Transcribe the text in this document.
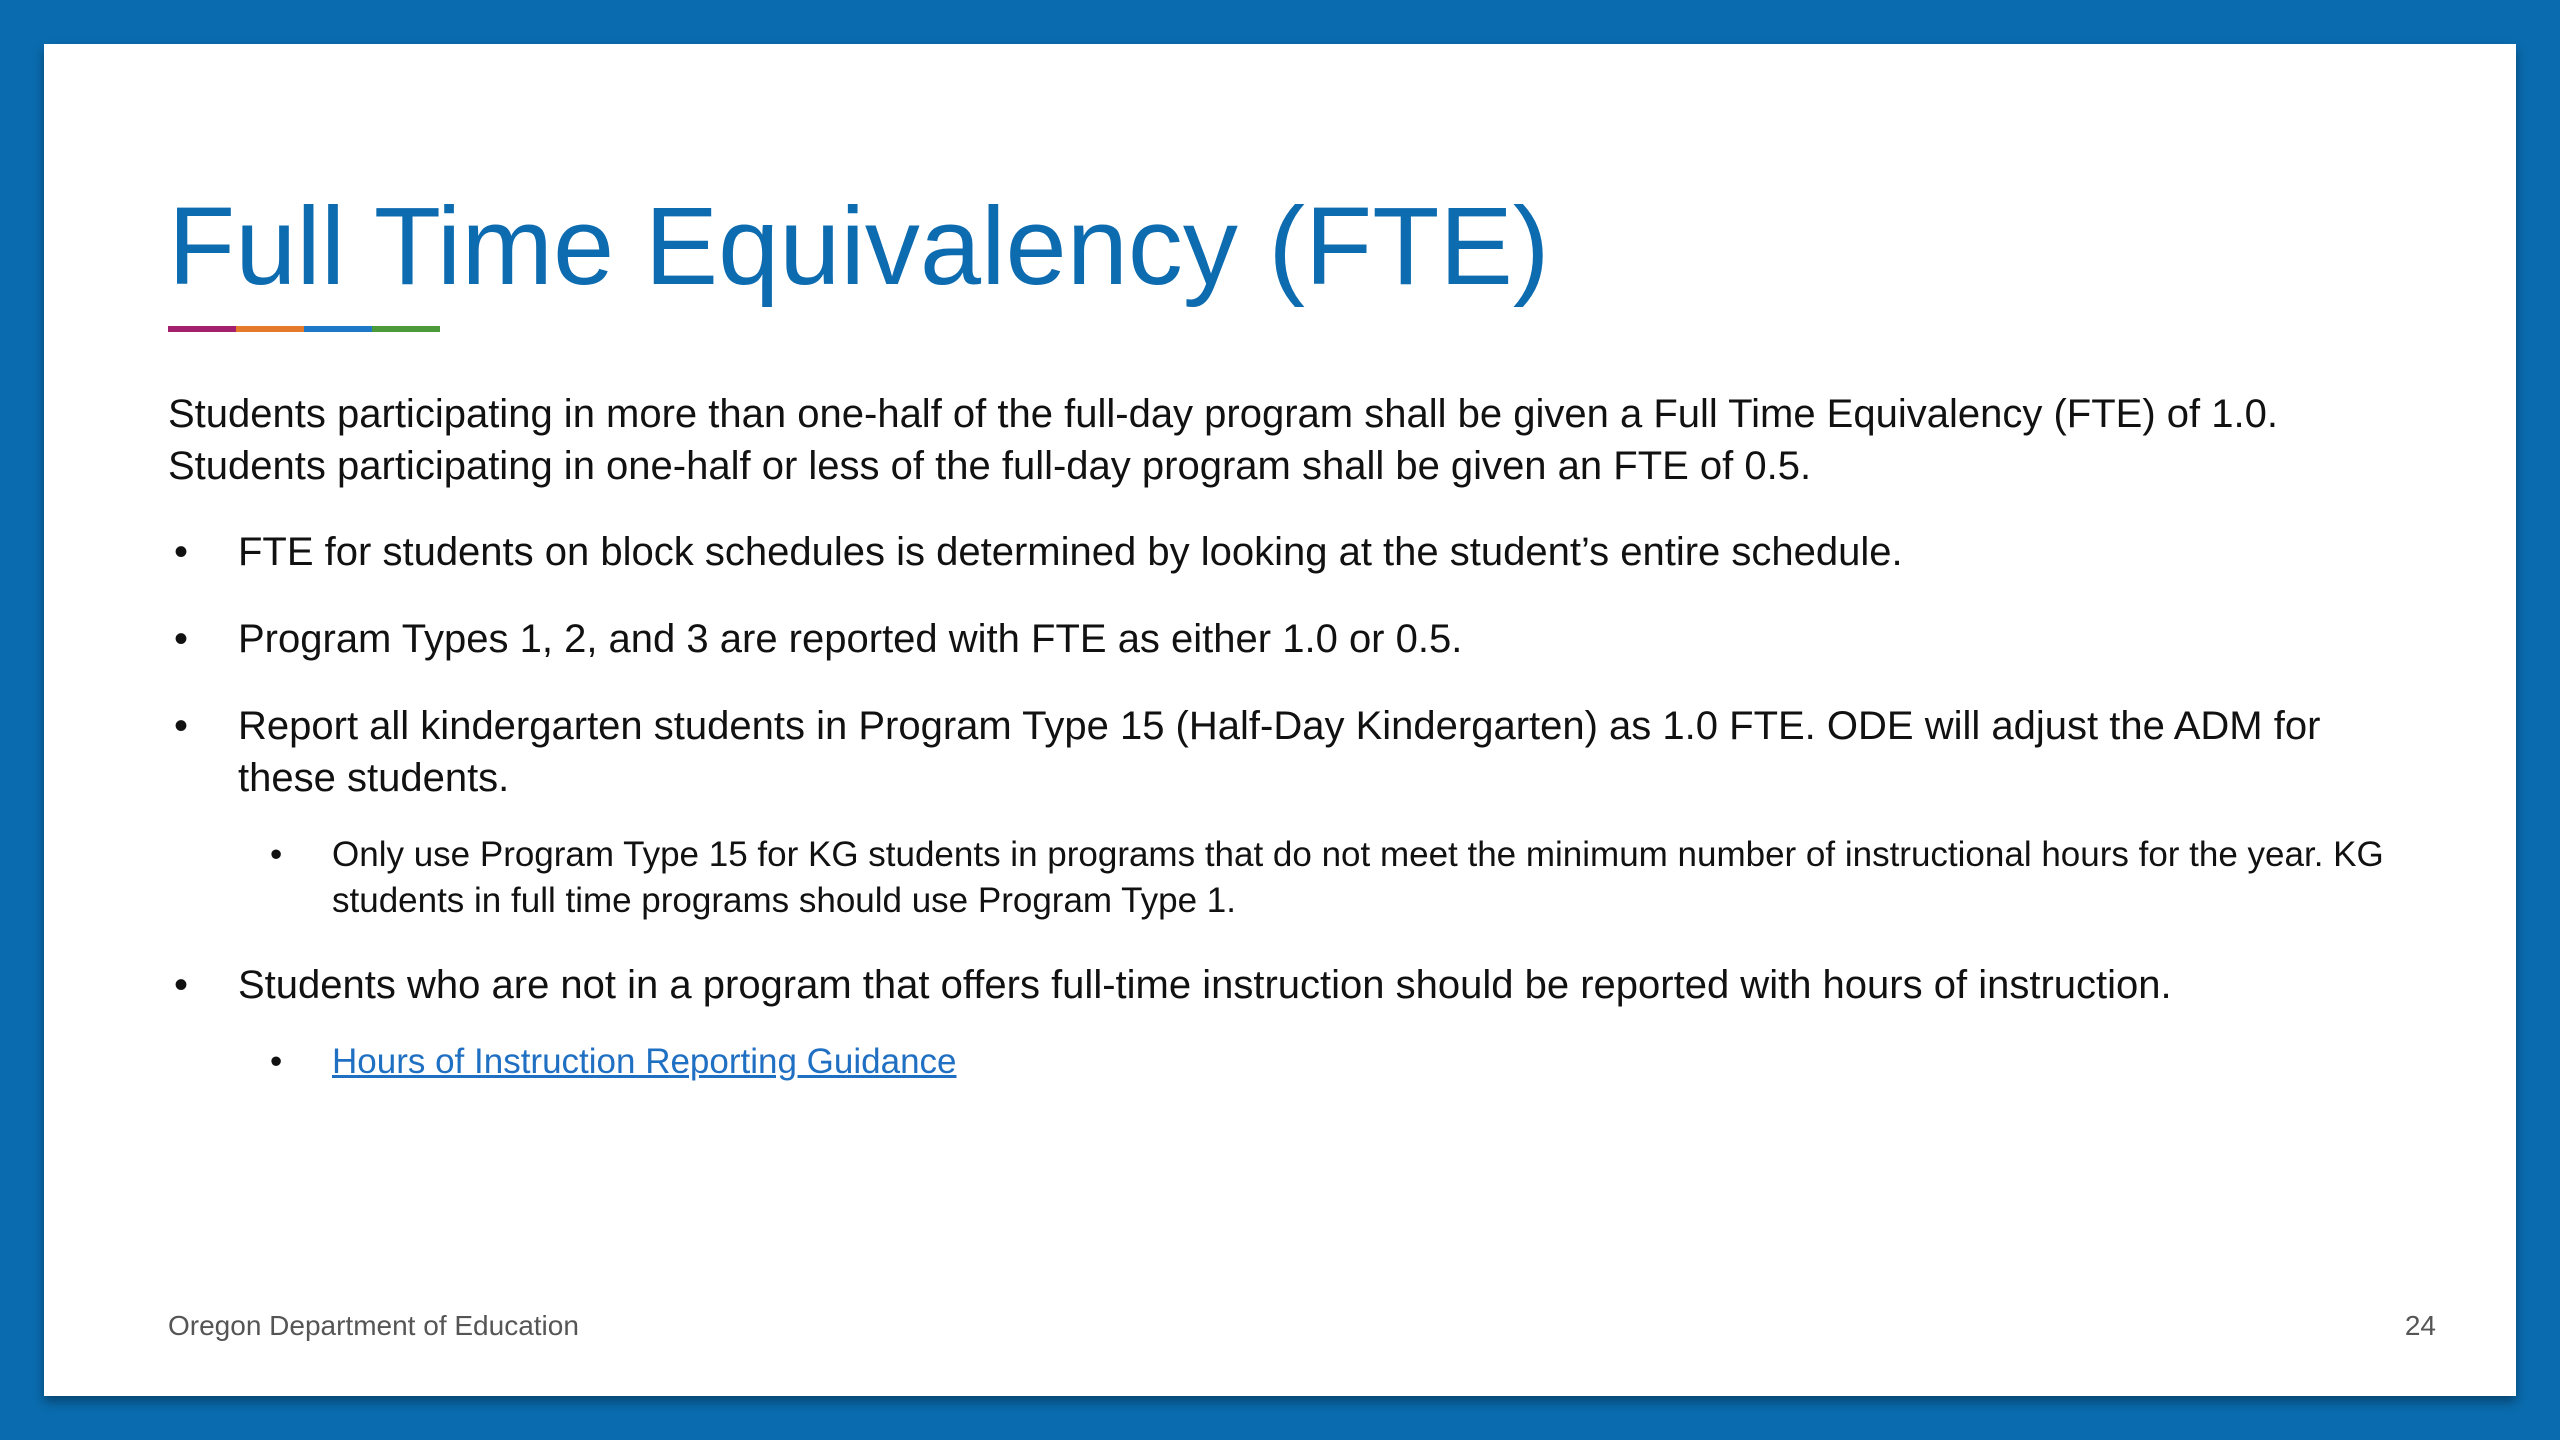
Full Time Equivalency (FTE)

Students participating in more than one-half of the full-day program shall be given a Full Time Equivalency (FTE) of 1.0. Students participating in one-half or less of the full-day program shall be given an FTE of 0.5.

• FTE for students on block schedules is determined by looking at the student’s entire schedule.
• Program Types 1, 2, and 3 are reported with FTE as either 1.0 or 0.5.
• Report all kindergarten students in Program Type 15 (Half-Day Kindergarten) as 1.0 FTE. ODE will adjust the ADM for these students.
• Only use Program Type 15 for KG students in programs that do not meet the minimum number of instructional hours for the year. KG students in full time programs should use Program Type 1.
• Students who are not in a program that offers full-time instruction should be reported with hours of instruction.
• Hours of Instruction Reporting Guidance
Oregon Department of Education	24
